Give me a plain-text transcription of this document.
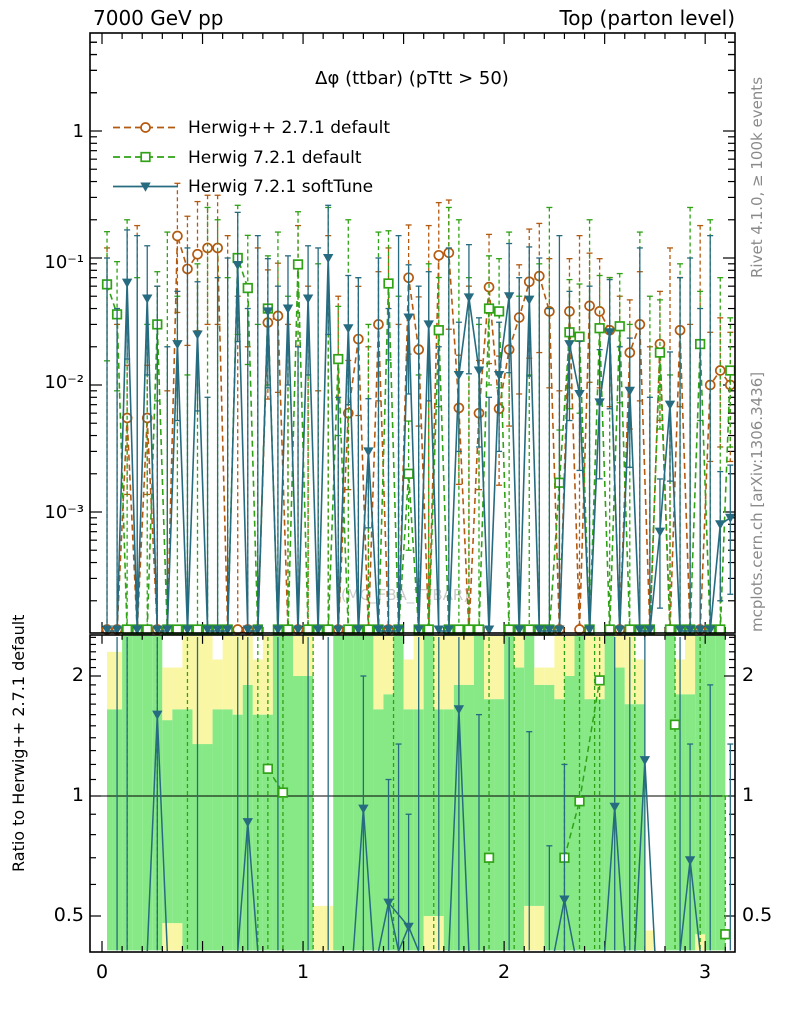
(MC_FBA_TTBAR)
7000 GeV pp	Top (parton level)
Δφ (ttbar) (pTtt > 50)
Herwig++ 2.7.1 default
Herwig 7.2.1 default
Herwig 7.2.1 softTune
1
10⁻¹
10⁻²
10⁻³
2
1
0.5
2
1
0.5
0	1	2	3
Rivet 4.1.0, ≥ 100k events
mcplots.cern.ch [arXiv:1306.3436]
Ratio to Herwig++ 2.7.1 default
